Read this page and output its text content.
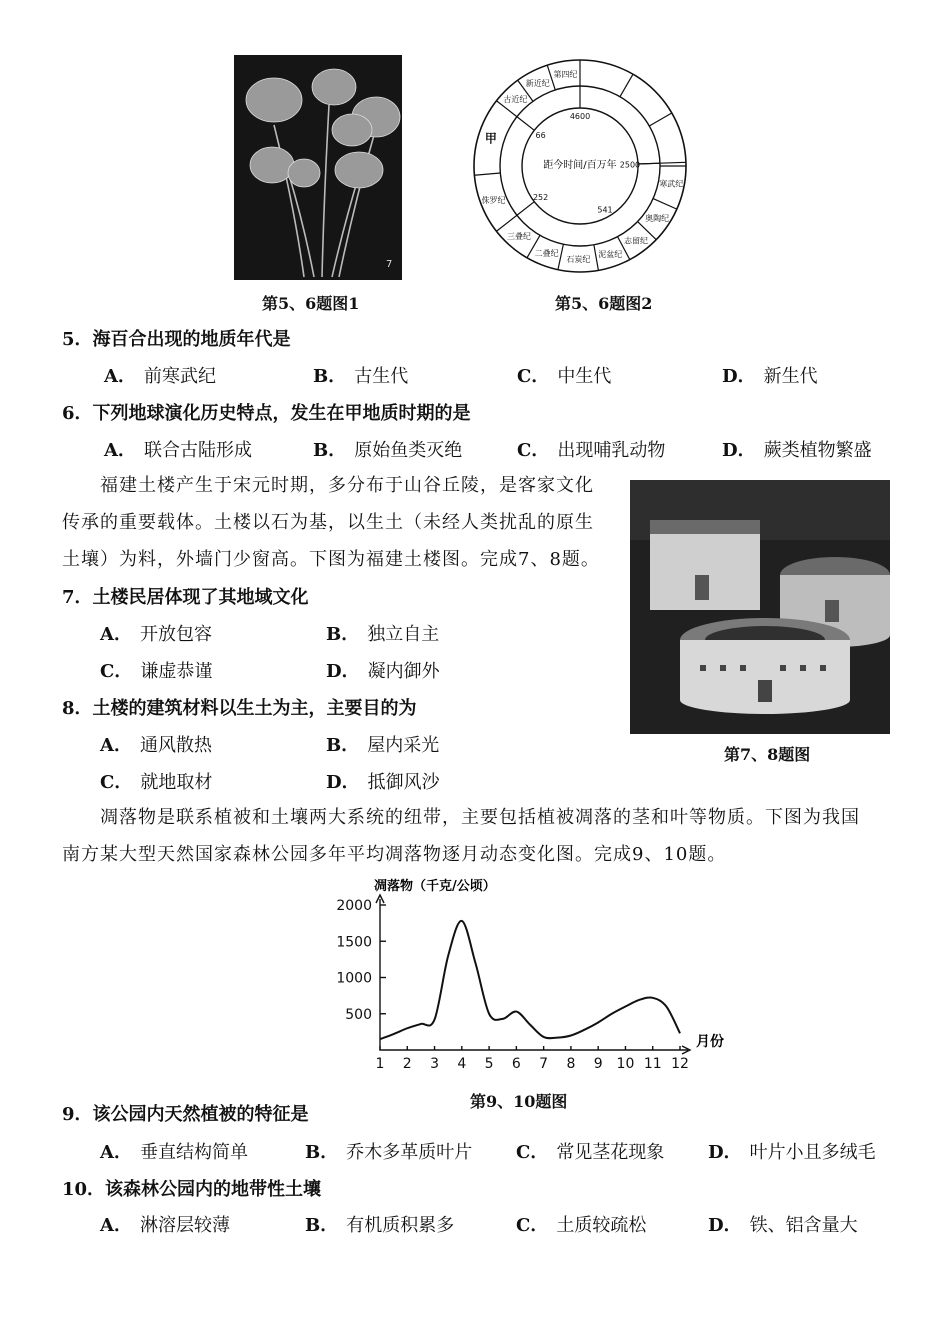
7
第5、6题图1
第四纪
新近纪
古近纪
甲
侏罗纪
三叠纪
二叠纪
石炭纪
泥盆纪
志留纪
奥陶纪
寒武纪
4600
2500
541
252
66
距今时间/百万年
第5、6题图2
5．海百合出现的地质年代是
A． 前寒武纪	B． 古生代	C． 中生代	D． 新生代
6．下列地球演化历史特点，发生在甲地质时期的是
A． 联合古陆形成	B． 原始鱼类灭绝	C． 出现哺乳动物	D． 蕨类植物繁盛
福建土楼产生于宋元时期，多分布于山谷丘陵，是客家文化
传承的重要载体。土楼以石为基，以生土（未经人类扰乱的原生
土壤）为料，外墙门少窗高。下图为福建土楼图。完成7、8题。
第7、8题图
7．土楼民居体现了其地域文化
A． 开放包容	B． 独立自主
C． 谦虚恭谨	D． 凝内御外
8．土楼的建筑材料以生土为主，主要目的为
A． 通风散热	B． 屋内采光
C． 就地取材	D． 抵御风沙
凋落物是联系植被和土壤两大系统的纽带，主要包括植被凋落的茎和叶等物质。下图为我国
南方某大型天然国家森林公园多年平均凋落物逐月动态变化图。完成9、10题。
500
1000
1500
2000
1 2 3 4 5 6 7 8 9 10 11 12
凋落物（千克/公顷）
月份
第9、10题图
9．该公园内天然植被的特征是
A． 垂直结构简单	B． 乔木多革质叶片 C． 常见茎花现象 D． 叶片小且多绒毛
10．该森林公园内的地带性土壤
A． 淋溶层较薄	B． 有机质积累多	C． 土质较疏松	D． 铁、铝含量大
